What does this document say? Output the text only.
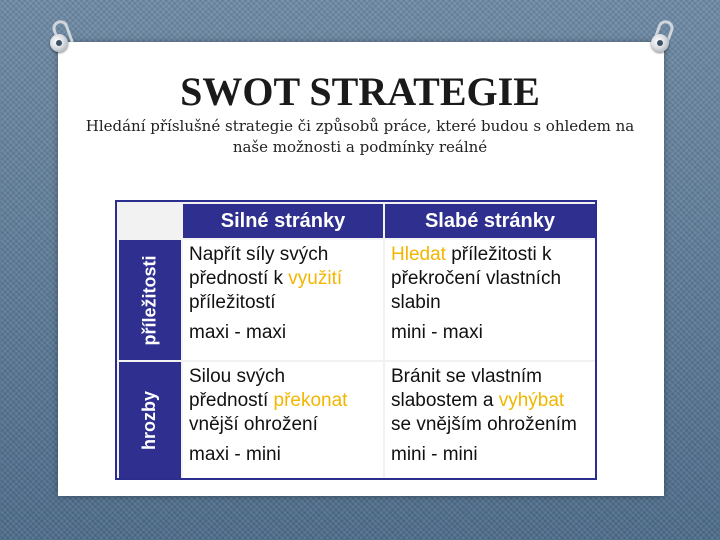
SWOT STRATEGIE

Hledání příslušné strategie či způsobů práce, které budou s ohledem na naše možnosti a podmínky reálné

Silné stránky	Slabé stránky
příležitosti
hrozby
Napřít síly svých
předností k využití
příležitostí
maxi - maxi
Hledat příležitosti k
překročení vlastních
slabin
mini - maxi
Silou svých
předností překonat
vnější ohrožení
maxi - mini
Bránit se vlastním
slabostem a vyhýbat
se vnějším ohrožením
mini - mini
